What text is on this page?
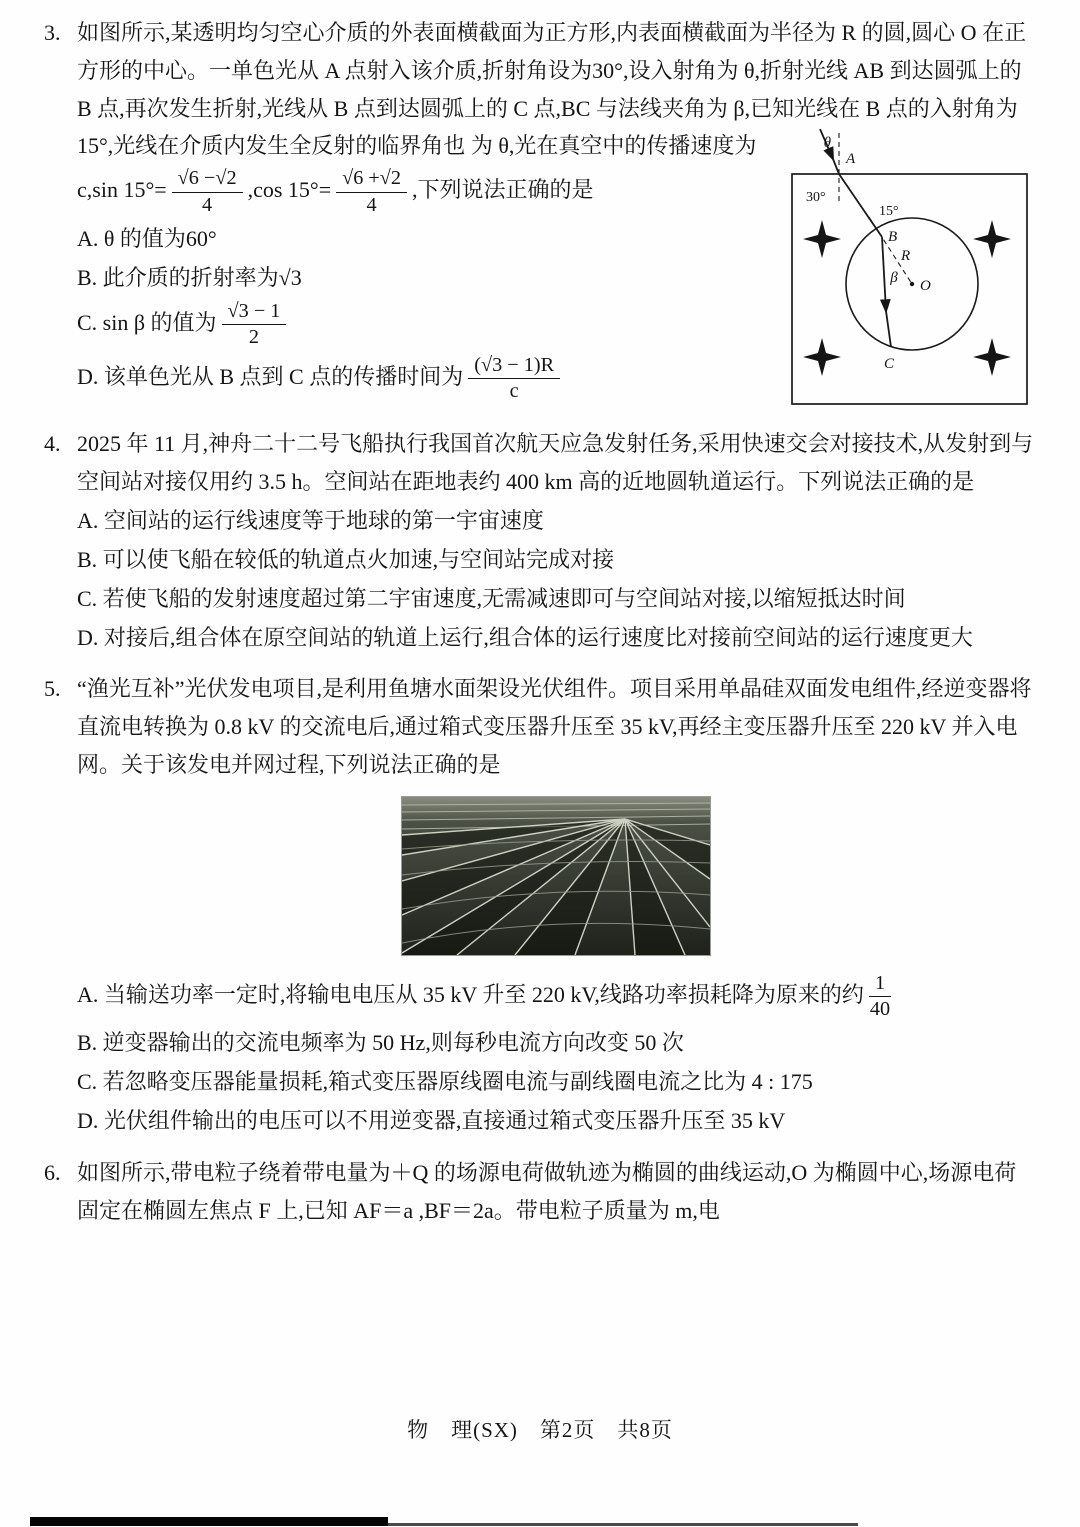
3. 如图所示,某透明均匀空心介质的外表面横截面为正方形,内表面横截面为半径为 R 的圆,圆心 O 在正方形的中心。一单色光从 A 点射入该介质,折射角设为30°,设入射角为 θ,折射光线 AB 到达圆弧上的 B 点,再次发生折射,光线从 B 点到达圆弧上的 C 点,BC 与法线夹角为 β,已知光线在 B 点的入射角为15°,光线在介质内发生全反射的临界角也	θ
A
30°
15°
B
R
β O
C
为 θ,光在真空中的传播速度为 c,sin $15^\circ= \frac{√6 -√2}{4} ,\cos$ $15^\circ= \frac{√6 +√2}{4}$ ,下列说法正确的是
A. θ 的值为60°
B. 此介质的折射率为√3
C. sin β 的值为 $\frac{√3 - 1}{2}$
D. 该单色光从 B 点到 C 点的传播时间为 $\frac{(√3 - 1)R}{c}$
4. 2025 年 11 月,神舟二十二号飞船执行我国首次航天应急发射任务,采用快速交会对接技术,从发射到与空间站对接仅用约 3.5 h。空间站在距地表约 400 km 高的近地圆轨道运行。下列说法正确的是
A. 空间站的运行线速度等于地球的第一宇宙速度
B. 可以使飞船在较低的轨道点火加速,与空间站完成对接
C. 若使飞船的发射速度超过第二宇宙速度,无需减速即可与空间站对接,以缩短抵达时间
D. 对接后,组合体在原空间站的轨道上运行,组合体的运行速度比对接前空间站的运行速度更大
5. “渔光互补”光伏发电项目,是利用鱼塘水面架设光伏组件。项目采用单晶硅双面发电组件,经逆变器将直流电转换为 0.8 kV 的交流电后,通过箱式变压器升压至 35 kV,再经主变压器升压至 220 kV 并入电网。关于该发电并网过程,下列说法正确的是
A. 当输送功率一定时,将输电电压从 35 kV 升至 220 kV,线路功率损耗降为原来的约 $\frac{1}{40}$
B. 逆变器输出的交流电频率为 50 Hz,则每秒电流方向改变 50 次
C. 若忽略变压器能量损耗,箱式变压器原线圈电流与副线圈电流之比为 4 : 175
D. 光伏组件输出的电压可以不用逆变器,直接通过箱式变压器升压至 35 kV
6. 如图所示,带电粒子绕着带电量为＋Q 的场源电荷做轨迹为椭圆的曲线运动,O 为椭圆中心,场源电荷固定在椭圆左焦点 F 上,已知 AF＝a ,BF＝2a。带电粒子质量为 m,电
物　理(SX)　第2页　共8页
